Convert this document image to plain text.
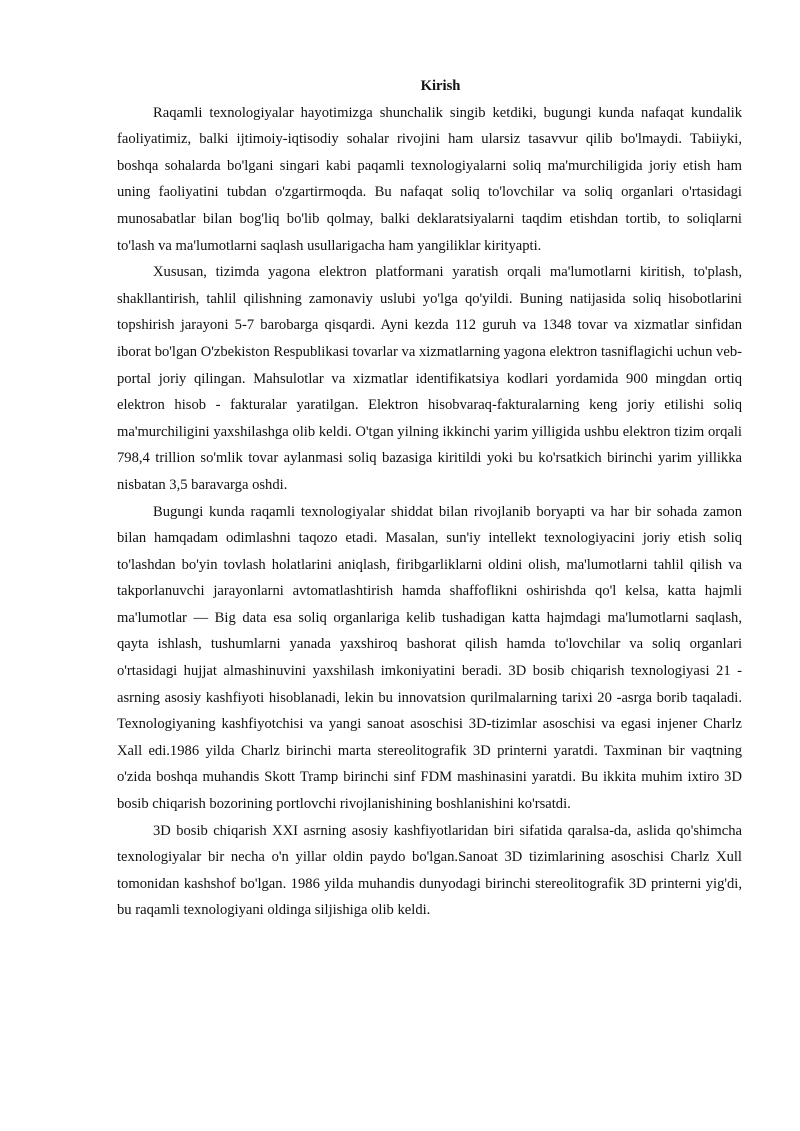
Kirish

Raqamli texnologiyalar hayotimizga shunchalik singib ketdiki, bugungi kunda nafaqat kundalik faoliyatimiz, balki ijtimoiy-iqtisodiy sohalar rivojini ham ularsiz tasavvur qilib bo'lmaydi. Tabiiyki, boshqa sohalarda bo'lgani singari kabi paqamli texnologiyalarni soliq ma'murchiligida joriy etish ham uning faoliyatini tubdan o'zgartirmoqda. Bu nafaqat soliq to'lovchilar va soliq organlari o'rtasidagi munosabatlar bilan bog'liq bo'lib qolmay, balki deklaratsiyalarni taqdim etishdan tortib, to soliqlarni to'lash va ma'lumotlarni saqlash usullarigacha ham yangiliklar kirityapti.

Xususan, tizimda yagona elektron platformani yaratish orqali ma'lumotlarni kiritish, to'plash, shakllantirish, tahlil qilishning zamonaviy uslubi yo'lga qo'yildi. Buning natijasida soliq hisobotlarini topshirish jarayoni 5-7 barobarga qisqardi. Ayni kezda 112 guruh va 1348 tovar va xizmatlar sinfidan iborat bo'lgan O'zbekiston Respublikasi tovarlar va xizmatlarning yagona elektron tasniflagichi uchun veb-portal joriy qilingan. Mahsulotlar va xizmatlar identifikatsiya kodlari yordamida 900 mingdan ortiq elektron hisob - fakturalar yaratilgan. Elektron hisobvaraq-fakturalarning keng joriy etilishi soliq ma'murchiligini yaxshilashga olib keldi. O'tgan yilning ikkinchi yarim yilligida ushbu elektron tizim orqali 798,4 trillion so'mlik tovar aylanmasi soliq bazasiga kiritildi yoki bu ko'rsatkich birinchi yarim yillikka nisbatan 3,5 baravarga oshdi.

Bugungi kunda raqamli texnologiyalar shiddat bilan rivojlanib boryapti va har bir sohada zamon bilan hamqadam odimlashni taqozo etadi. Masalan, sun'iy intellekt texnologiyacini joriy etish soliq to'lashdan bo'yin tovlash holatlarini aniqlash, firibgarliklarni oldini olish, ma'lumotlarni tahlil qilish va takporlanuvchi jarayonlarni avtomatlashtirish hamda shaffoflikni oshirishda qo'l kelsa, katta hajmli ma'lumotlar — Big data esa soliq organlariga kelib tushadigan katta hajmdagi ma'lumotlarni saqlash, qayta ishlash, tushumlarni yanada yaxshiroq bashorat qilish hamda to'lovchilar va soliq organlari o'rtasidagi hujjat almashinuvini yaxshilash imkoniyatini beradi. 3D bosib chiqarish texnologiyasi 21 -asrning asosiy kashfiyoti hisoblanadi, lekin bu innovatsion qurilmalarning tarixi 20 -asrga borib taqaladi. Texnologiyaning kashfiyotchisi va yangi sanoat asoschisi 3D-tizimlar asoschisi va egasi injener Charlz Xall edi.1986 yilda Charlz birinchi marta stereolitografik 3D printerni yaratdi. Taxminan bir vaqtning o'zida boshqa muhandis Skott Tramp birinchi sinf FDM mashinasini yaratdi. Bu ikkita muhim ixtiro 3D bosib chiqarish bozorining portlovchi rivojlanishining boshlanishini ko'rsatdi.

3D bosib chiqarish XXI asrning asosiy kashfiyotlaridan biri sifatida qaralsa-da, aslida qo'shimcha texnologiyalar bir necha o'n yillar oldin paydo bo'lgan.Sanoat 3D tizimlarining asoschisi Charlz Xull tomonidan kashshof bo'lgan. 1986 yilda muhandis dunyodagi birinchi stereolitografik 3D printerni yig'di, bu raqamli texnologiyani oldinga siljishiga olib keldi.
